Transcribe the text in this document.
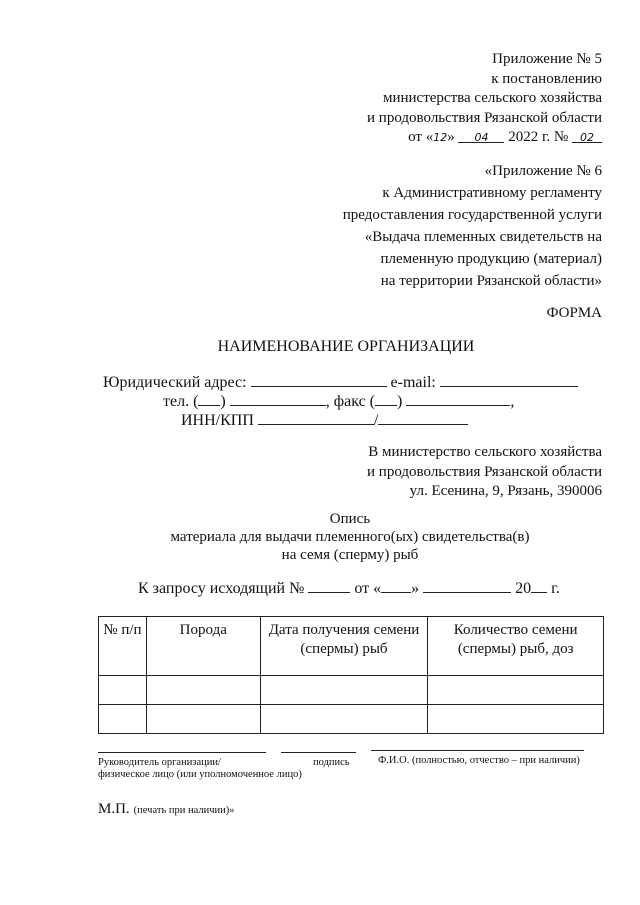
Приложение № 5
к постановлению
министерства сельского хозяйства
и продовольствия Рязанской области
от «12» 04 2022 г. № 02
«Приложение № 6
к Административному регламенту
предоставления государственной услуги
«Выдача племенных свидетельств на
племенную продукцию (материал)
на территории Рязанской области»
ФОРМА
НАИМЕНОВАНИЕ ОРГАНИЗАЦИИ
Юридический адрес:	e-mail:
тел. ( )	, факс ( )	,
ИНН/КПП	/
В министерство сельского хозяйства
и продовольствия Рязанской области
ул. Есенина, 9, Рязань, 390006
Опись
материала для выдачи племенного(ых) свидетельства(в)
на семя (сперму) рыб
К запросу исходящий №	от « »	20 г.
№ п/п	Порода	Дата получения семени (спермы) рыб	Количество семени (спермы) рыб, доз

Руководитель организации/
физическое лицо (или уполномоченное лицо)
подпись	Ф.И.О. (полностью, отчество – при наличии)
М.П. (печать при наличии)»
